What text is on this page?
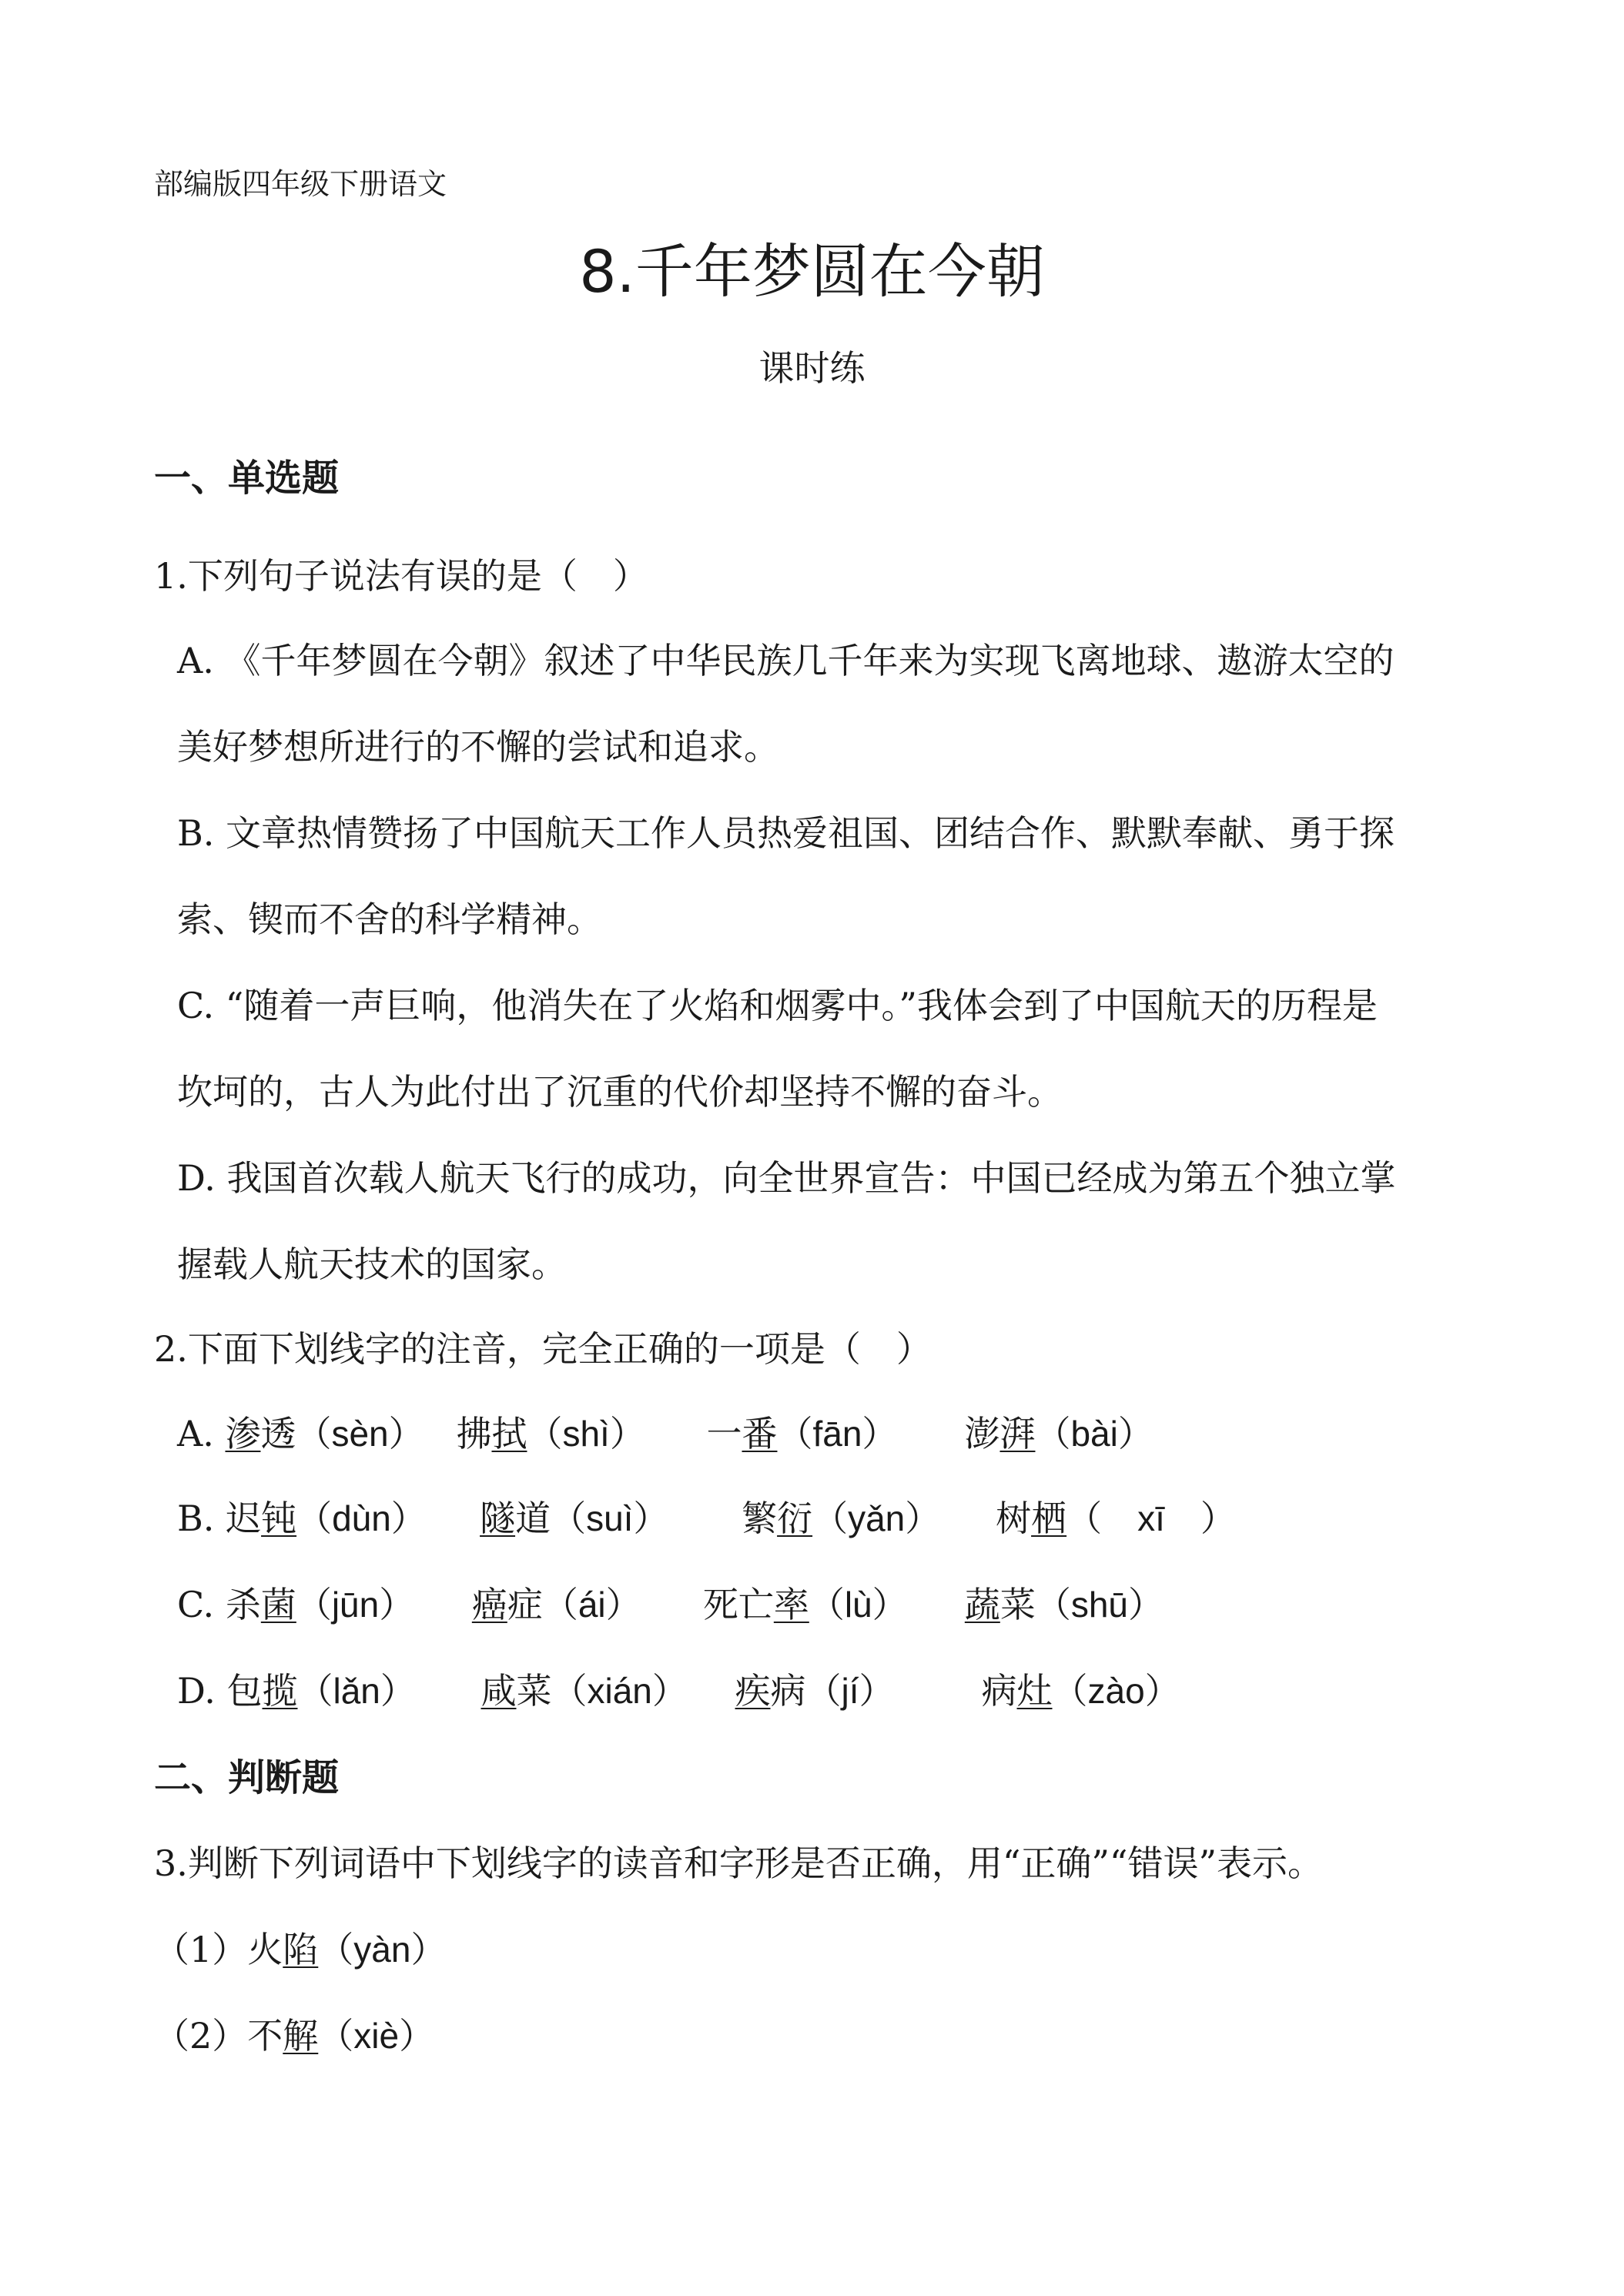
部编版四年级下册语文
8.千年梦圆在今朝
课时练
一、单选题
1.下列句子说法有误的是（　）
A. 《千年梦圆在今朝》叙述了中华民族几千年来为实现飞离地球、遨游太空的
美好梦想所进行的不懈的尝试和追求。
B. 文章热情赞扬了中国航天工作人员热爱祖国、团结合作、默默奉献、勇于探
索、锲而不舍的科学精神。
C. “随着一声巨响，他消失在了火焰和烟雾中。”我体会到了中国航天的历程是
坎坷的，古人为此付出了沉重的代价却坚持不懈的奋斗。
D. 我国首次载人航天飞行的成功，向全世界宣告：中国已经成为第五个独立掌
握载人航天技术的国家。
2.下面下划线字的注音，完全正确的一项是（　）
A. 渗透（sèn） 拂拭（shì） 一番（fān） 澎湃（bài）
B. 迟钝（dùn） 隧道（suì） 繁衍（yǎn） 树栖（　xī　）
C. 杀菌（jūn） 癌症（ái） 死亡率（lù） 蔬菜（shū）
D. 包揽（lǎn） 咸菜（xián） 疾病（jí） 病灶（zào）
二、判断题
3.判断下列词语中下划线字的读音和字形是否正确，用“正确”“错误”表示。
（1）火陷（yàn）
（2）不解（xiè）
